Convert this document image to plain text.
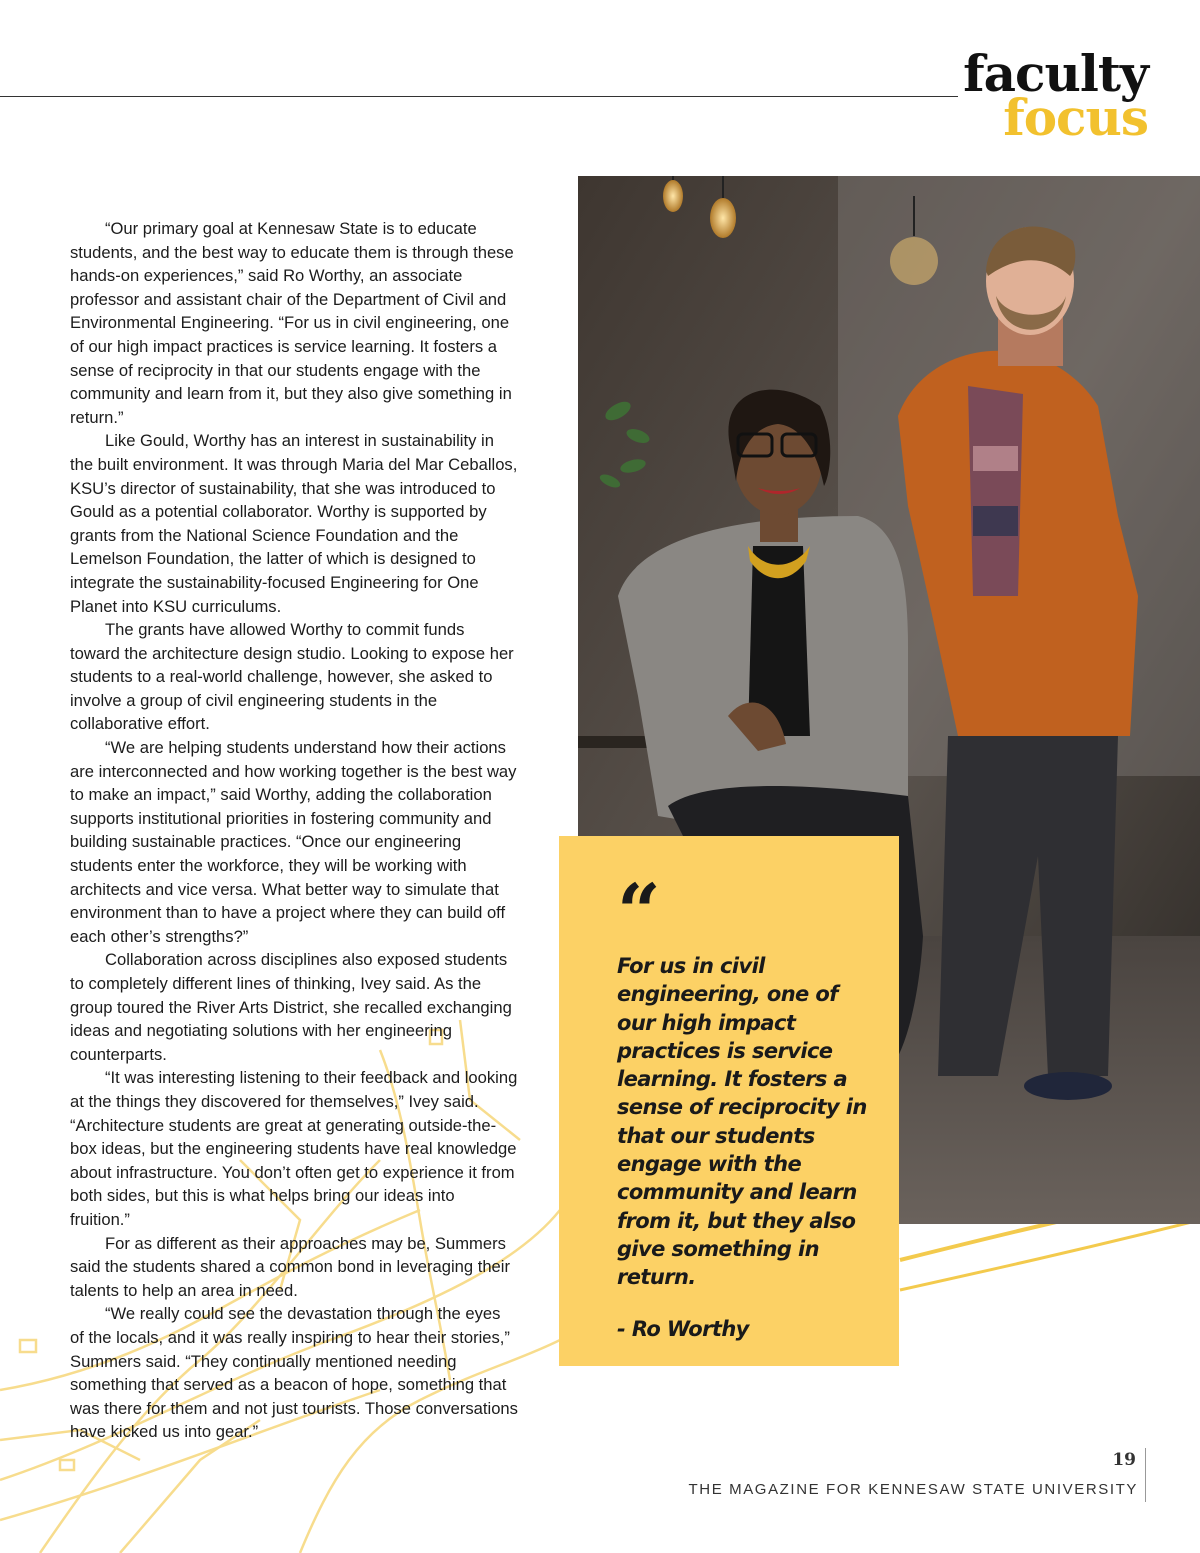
faculty
focus

“Our primary goal at Kennesaw State is to educate students, and the best way to educate them is through these hands-on experiences,” said Ro Worthy, an associate professor and assistant chair of the Department of Civil and Environmental Engineering. “For us in civil engineering, one of our high impact practices is service learning. It fosters a sense of reciprocity in that our students engage with the community and learn from it, but they also give something in return.”

Like Gould, Worthy has an interest in sustainability in the built environment. It was through Maria del Mar Ceballos, KSU’s director of sustainability, that she was introduced to Gould as a potential collaborator. Worthy is supported by grants from the National Science Foundation and the Lemelson Foundation, the latter of which is designed to integrate the sustainability-focused Engineering for One Planet into KSU curriculums.

The grants have allowed Worthy to commit funds toward the architecture design studio. Looking to expose her students to a real-world challenge, however, she asked to involve a group of civil engineering students in the collaborative effort.

“We are helping students understand how their actions are interconnected and how working together is the best way to make an impact,” said Worthy, adding the collaboration supports institutional priorities in fostering community and building sustainable practices. “Once our engineering students enter the workforce, they will be working with architects and vice versa. What better way to simulate that environment than to have a project where they can build off each other’s strengths?”

Collaboration across disciplines also exposed students to completely different lines of thinking, Ivey said. As the group toured the River Arts District, she recalled exchanging ideas and negotiating solutions with her engineering counterparts.

“It was interesting listening to their feedback and looking at the things they discovered for themselves,” Ivey said. “Architecture students are great at generating outside-the-box ideas, but the engineering students have real knowledge about infrastructure. You don’t often get to experience it from both sides, but this is what helps bring our ideas into fruition.”

For as different as their approaches may be, Summers said the students shared a common bond in leveraging their talents to help an area in need.

“We really could see the devastation through the eyes of the locals, and it was really inspiring to hear their stories,” Summers said. “They continually mentioned needing something that served as a beacon of hope, something that was there for them and not just tourists. Those conversations have kicked us into gear.”

“
For us in civil engineering, one of our high impact practices is service learning. It fosters a sense of reciprocity in that our students engage with the community and learn from it, but they also give something in return.
- Ro Worthy
19
THE MAGAZINE FOR KENNESAW STATE UNIVERSITY
